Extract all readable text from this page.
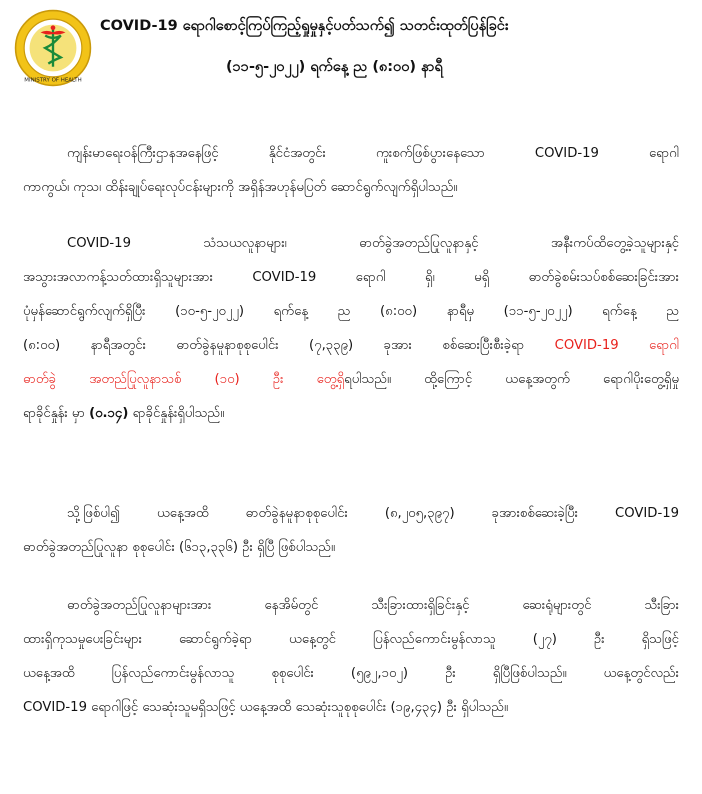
MINISTRY OF HEALTH
COVID-19 ရောဂါစောင့်ကြပ်ကြည့်ရှုမှုနှင့်ပတ်သက်၍ သတင်းထုတ်ပြန်ခြင်း
(၁၁-၅-၂၀၂၂) ရက်နေ့ ည (၈:၀၀) နာရီ
ကျန်းမာရေးဝန်ကြီးဌာနအနေဖြင့် နိုင်ငံအတွင်း ကူးစက်ဖြစ်ပွားနေသော COVID-19 ရောဂါ
ကာကွယ်၊ ကုသ၊ ထိန်းချုပ်ရေးလုပ်ငန်းများကို အရှိန်အဟုန်မပြတ် ဆောင်ရွက်လျက်ရှိပါသည်။
COVID-19 သံသယလူနာများ၊ ဓာတ်ခွဲအတည်ပြုလူနာနှင့် အနီးကပ်ထိတွေ့ခဲ့သူများနှင့်
အသွားအလာကန့်သတ်ထားရှိသူများအား COVID-19 ရောဂါ ရှိ၊ မရှိ ဓာတ်ခွဲစမ်းသပ်စစ်ဆေးခြင်းအား
ပုံမှန်ဆောင်ရွက်လျက်ရှိပြီး (၁၀-၅-၂၀၂၂) ရက်နေ့ ည (၈:၀၀) နာရီမှ (၁၁-၅-၂၀၂၂) ရက်နေ့ ည
(၈:၀၀) နာရီအတွင်း ဓာတ်ခွဲနမူနာစုစုပေါင်း (၇,၃၃၉) ခုအား စစ်ဆေးပြီးစီးခဲ့ရာ COVID-19 ရောဂါ
ဓာတ်ခွဲ အတည်ပြုလူနာသစ် (၁၀) ဦး တွေ့ရှိရပါသည်။ ထို့ကြောင့် ယနေ့အတွက် ရောဂါပိုးတွေ့ရှိမှု
ရာခိုင်နှုန်း မှာ (၀.၁၄) ရာခိုင်နှုန်းရှိပါသည်။
သို့ဖြစ်ပါ၍ ယနေ့အထိ ဓာတ်ခွဲနမူနာစုစုပေါင်း (၈,၂၀၅,၃၉၇) ခုအားစစ်ဆေးခဲ့ပြီး COVID-19
ဓာတ်ခွဲအတည်ပြုလူနာ စုစုပေါင်း (၆၁၃,၃၃၆) ဦး ရှိပြီ ဖြစ်ပါသည်။
ဓာတ်ခွဲအတည်ပြုလူနာများအား နေအိမ်တွင် သီးခြားထားရှိခြင်းနှင့် ဆေးရုံများတွင် သီးခြား
ထားရှိကုသမှုပေးခြင်းများ ဆောင်ရွက်ခဲ့ရာ ယနေ့တွင် ပြန်လည်ကောင်းမွန်လာသူ (၂၇) ဦး ရှိသဖြင့်
ယနေ့အထိ ပြန်လည်ကောင်းမွန်လာသူ စုစုပေါင်း (၅၉၂,၁၀၂) ဦး ရှိပြီဖြစ်ပါသည်။ ယနေ့တွင်လည်း
COVID-19 ရောဂါဖြင့် သေဆုံးသူမရှိသဖြင့် ယနေ့အထိ သေဆုံးသူစုစုပေါင်း (၁၉,၄၃၄) ဦး ရှိပါသည်။
